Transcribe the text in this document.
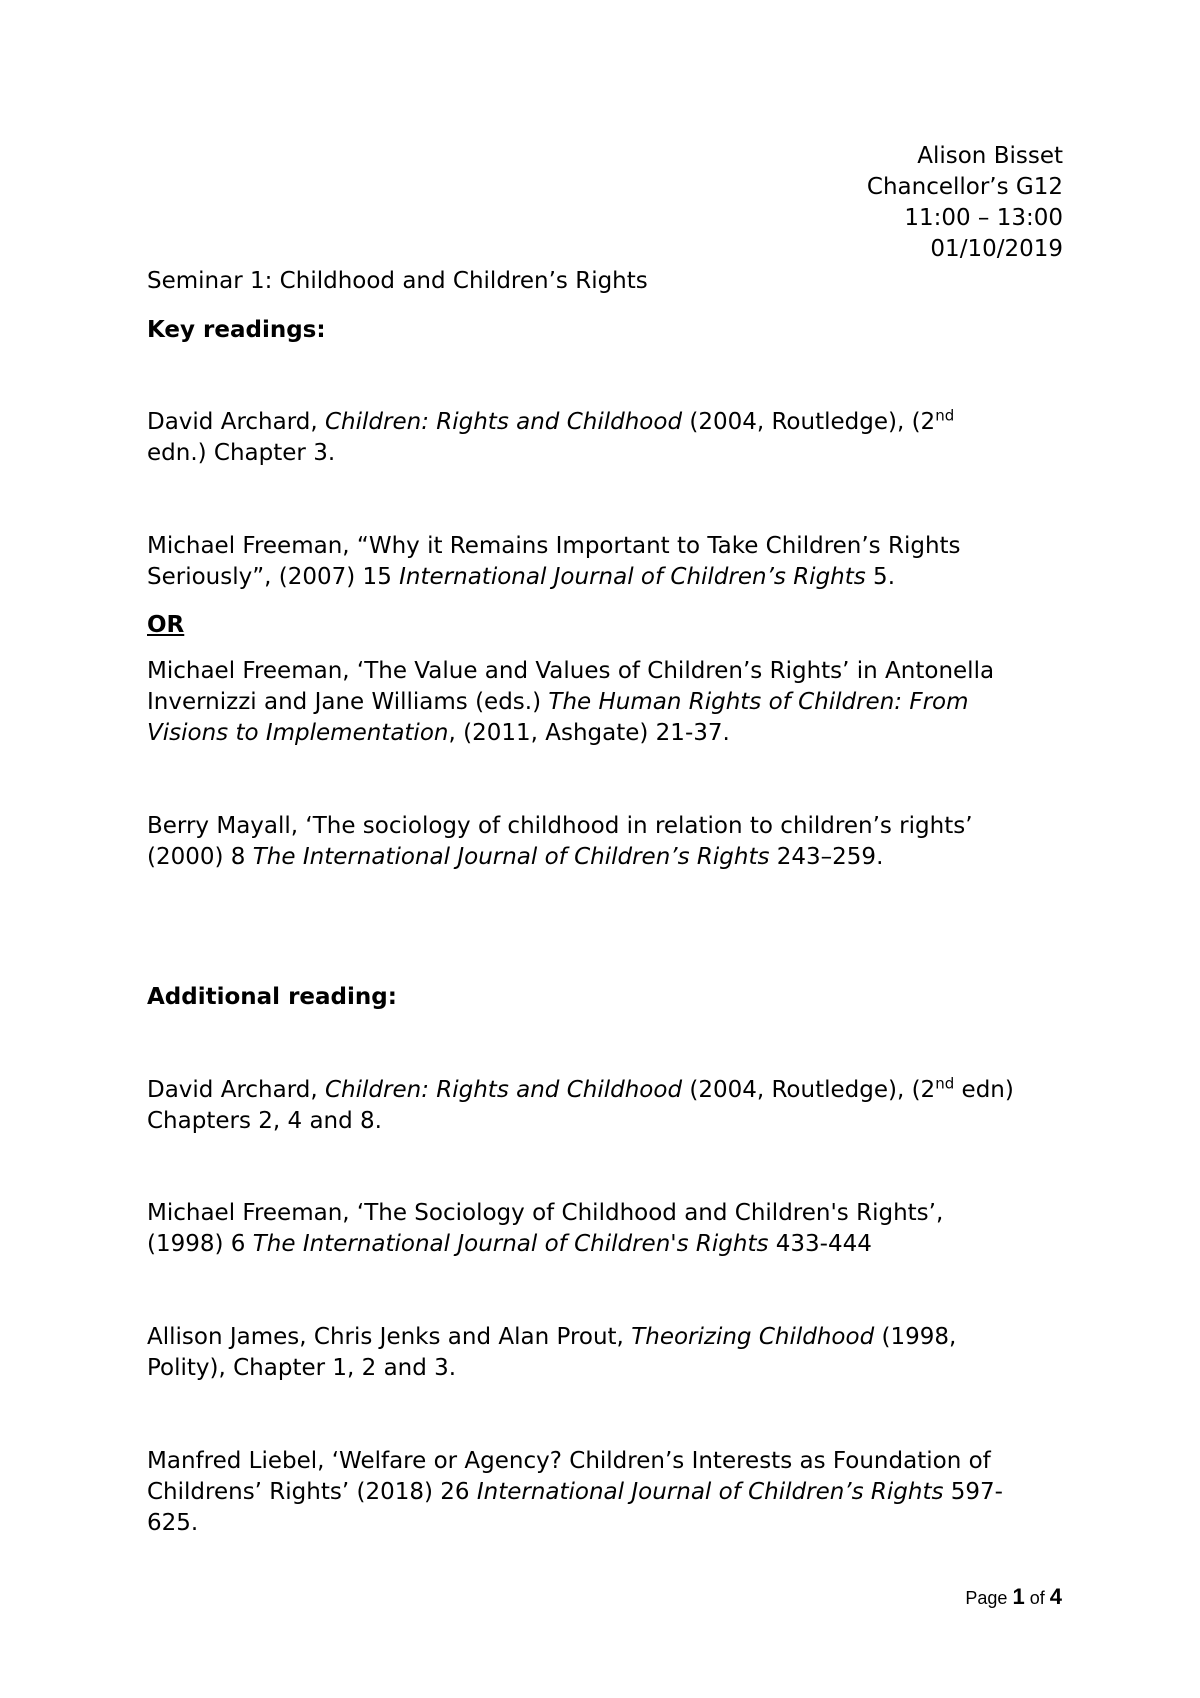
Alison Bisset
Chancellor’s G12
11:00 – 13:00
01/10/2019
Seminar 1: Childhood and Children’s Rights
Key readings:
David Archard, Children: Rights and Childhood (2004, Routledge), (2nd
edn.) Chapter 3.
Michael Freeman, “Why it Remains Important to Take Children’s Rights
Seriously”, (2007) 15 International Journal of Children’s Rights 5.
OR
Michael Freeman, ‘The Value and Values of Children’s Rights’ in Antonella
Invernizzi and Jane Williams (eds.) The Human Rights of Children: From
Visions to Implementation, (2011, Ashgate) 21-37.
Berry Mayall, ‘The sociology of childhood in relation to children’s rights’
(2000) 8 The International Journal of Children’s Rights 243–259.
Additional reading:
David Archard, Children: Rights and Childhood (2004, Routledge), (2nd edn)
Chapters 2, 4 and 8.
Michael Freeman, ‘The Sociology of Childhood and Children's Rights’,
(1998) 6 The International Journal of Children's Rights 433-444
Allison James, Chris Jenks and Alan Prout, Theorizing Childhood (1998,
Polity), Chapter 1, 2 and 3.
Manfred Liebel, ‘Welfare or Agency? Children’s Interests as Foundation of
Childrens’ Rights’ (2018) 26 International Journal of Children’s Rights 597-
625.
Page 1 of 4
